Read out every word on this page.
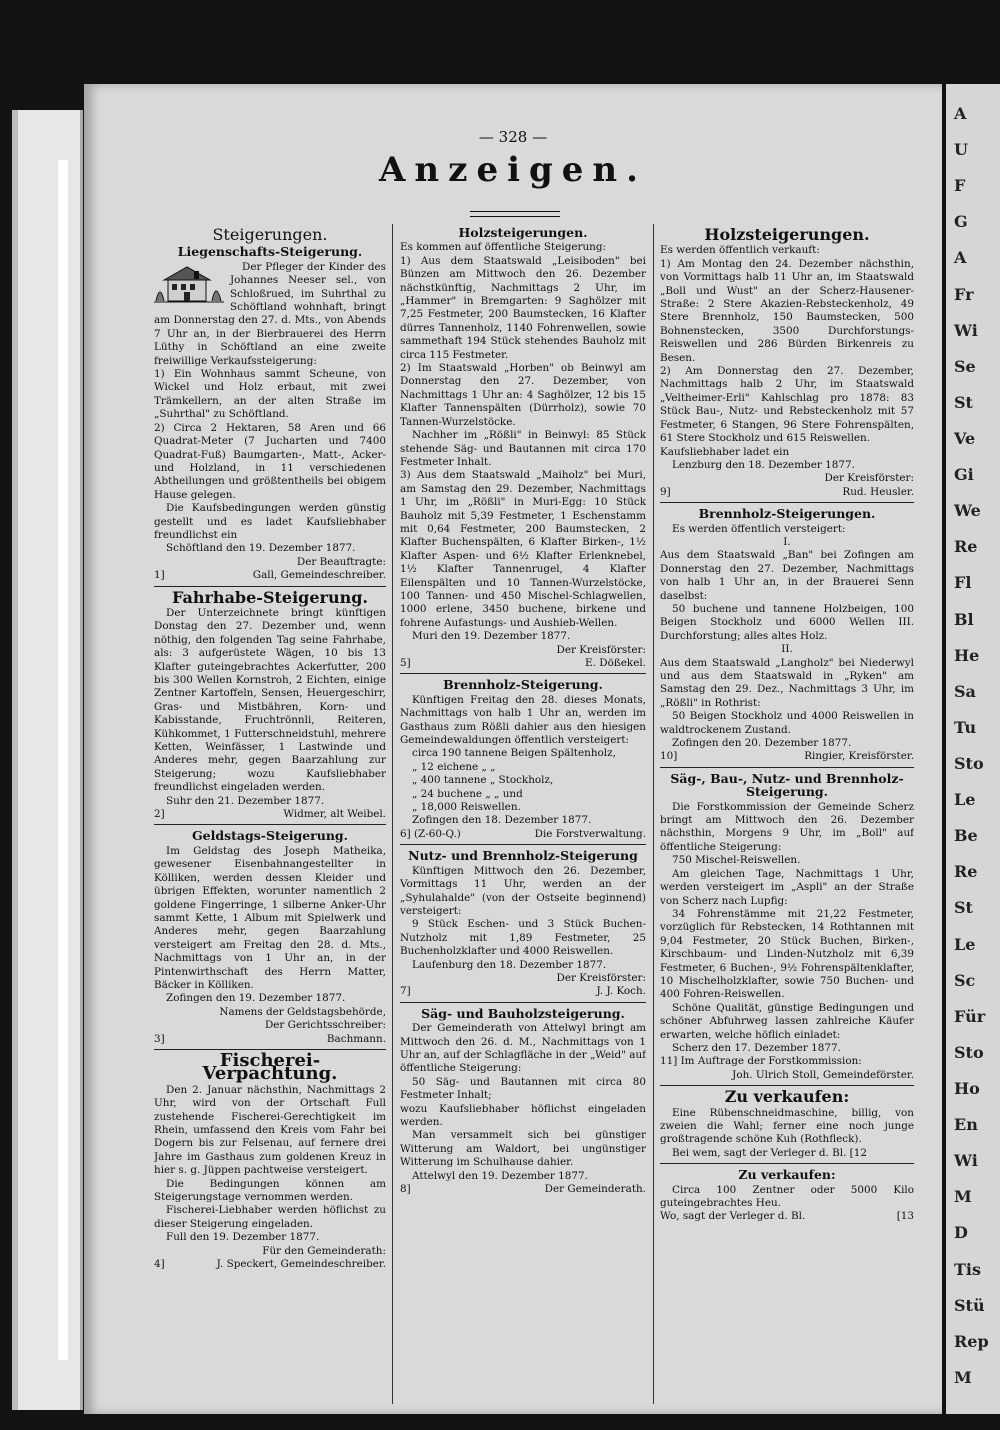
— 328 —
Anzeigen.
Steigerungen.
Liegenschafts-Steigerung.

Der Pfleger der Kinder des Johannes Neeser sel., von Schloßrued, im Suhrthal zu Schöftland wohnhaft, bringt am Donnerstag den 27. d. Mts., von Abends 7 Uhr an, in der Bierbrauerei des Herrn Lüthy in Schöftland an eine zweite freiwillige Verkaufssteigerung:

1) Ein Wohnhaus sammt Scheune, von Wickel und Holz erbaut, mit zwei Trämkellern, an der alten Straße im „Suhrthal" zu Schöftland.

2) Circa 2 Hektaren, 58 Aren und 66 Quadrat-Meter (7 Jucharten und 7400 Quadrat-Fuß) Baumgarten-, Matt-, Acker- und Holzland, in 11 verschiedenen Abtheilungen und größtentheils bei obigem Hause gelegen.

Die Kaufsbedingungen werden günstig gestellt und es ladet Kaufsliebhaber freundlichst ein

Schöftland den 19. Dezember 1877.

Der Beauftragte:

1]	Gall, Gemeindeschreiber.
Fahrhabe-Steigerung.

Der Unterzeichnete bringt künftigen Donstag den 27. Dezember und, wenn nöthig, den folgenden Tag seine Fahrhabe, als: 3 aufgerüstete Wägen, 10 bis 13 Klafter guteingebrachtes Ackerfutter, 200 bis 300 Wellen Kornstroh, 2 Eichten, einige Zentner Kartoffeln, Sensen, Heuergeschirr, Gras- und Mistbähren, Korn- und Kabisstande, Fruchtrönnli, Reiteren, Kühkommet, 1 Futterschneidstuhl, mehrere Ketten, Weinfässer, 1 Lastwinde und Anderes mehr, gegen Baarzahlung zur Steigerung; wozu Kaufsliebhaber freundlichst eingeladen werden.

Suhr den 21. Dezember 1877.

2]	Widmer, alt Weibel.
Geldstags-Steigerung.

Im Geldstag des Joseph Matheika, gewesener Eisenbahnangestellter in Kölliken, werden dessen Kleider und übrigen Effekten, worunter namentlich 2 goldene Fingerringe, 1 silberne Anker-Uhr sammt Kette, 1 Album mit Spielwerk und Anderes mehr, gegen Baarzahlung versteigert am Freitag den 28. d. Mts., Nachmittags von 1 Uhr an, in der Pintenwirthschaft des Herrn Matter, Bäcker in Kölliken.

Zofingen den 19. Dezember 1877.

Namens der Geldstagsbehörde,

Der Gerichtsschreiber:

3]	Bachmann.
Fischerei-Verpachtung.

Den 2. Januar nächsthin, Nachmittags 2 Uhr, wird von der Ortschaft Full zustehende Fischerei-Gerechtigkeit im Rhein, umfassend den Kreis vom Fahr bei Dogern bis zur Felsenau, auf fernere drei Jahre im Gasthaus zum goldenen Kreuz in hier s. g. Jüppen pachtweise versteigert.

Die Bedingungen können am Steigerungstage vernommen werden.

Fischerei-Liebhaber werden höflichst zu dieser Steigerung eingeladen.

Full den 19. Dezember 1877.

Für den Gemeinderath:

4]	J. Speckert, Gemeindeschreiber.
Holzsteigerungen.

Es kommen auf öffentliche Steigerung:

1) Aus dem Staatswald „Leisiboden" bei Bünzen am Mittwoch den 26. Dezember nächstkünftig, Nachmittags 2 Uhr, im „Hammer" in Bremgarten: 9 Saghölzer mit 7,25 Festmeter, 200 Baumstecken, 16 Klafter dürres Tannenholz, 1140 Fohrenwellen, sowie sammethaft 194 Stück stehendes Bauholz mit circa 115 Festmeter.

2) Im Staatswald „Horben" ob Beinwyl am Donnerstag den 27. Dezember, von Nachmittags 1 Uhr an: 4 Saghölzer, 12 bis 15 Klafter Tannenspälten (Dürrholz), sowie 70 Tannen-Wurzelstöcke.

Nachher im „Rößli" in Beinwyl: 85 Stück stehende Säg- und Bautannen mit circa 170 Festmeter Inhalt.

3) Aus dem Staatswald „Maiholz" bei Muri, am Samstag den 29. Dezember, Nachmittags 1 Uhr, im „Rößli" in Muri-Egg: 10 Stück Bauholz mit 5,39 Festmeter, 1 Eschenstamm mit 0,64 Festmeter, 200 Baumstecken, 2 Klafter Buchenspälten, 6 Klafter Birken-, 1½ Klafter Aspen- und 6½ Klafter Erlenknebel, 1½ Klafter Tannenrugel, 4 Klafter Eilenspälten und 10 Tannen-Wurzelstöcke, 100 Tannen- und 450 Mischel-Schlagwellen, 1000 erlene, 3450 buchene, birkene und fohrene Aufastungs- und Aushieb-Wellen.

Muri den 19. Dezember 1877.

Der Kreisförster:

5]	E. Dößekel.
Brennholz-Steigerung.

Künftigen Freitag den 28. dieses Monats, Nachmittags von halb 1 Uhr an, werden im Gasthaus zum Rößli dahier aus den hiesigen Gemeindewaldungen öffentlich versteigert:

circa 190 tannene Beigen Spältenholz,

„ 12 eichene „ „

„ 400 tannene „ Stockholz,

„ 24 buchene „ „ und

„ 18,000 Reiswellen.

Zofingen den 18. Dezember 1877.

6] (Z-60-Q.)	Die Forstverwaltung.
Nutz- und Brennholz-Steigerung

Künftigen Mittwoch den 26. Dezember, Vormittags 11 Uhr, werden an der „Syhulahalde" (von der Ostseite beginnend) versteigert:

9 Stück Eschen- und 3 Stück Buchen-Nutzholz mit 1,89 Festmeter, 25 Buchenholzklafter und 4000 Reiswellen.

Laufenburg den 18. Dezember 1877.

Der Kreisförster:

7]	J. J. Koch.
Säg- und Bauholzsteigerung.

Der Gemeinderath von Attelwyl bringt am Mittwoch den 26. d. M., Nachmittags von 1 Uhr an, auf der Schlagfläche in der „Weid" auf öffentliche Steigerung:

50 Säg- und Bautannen mit circa 80 Festmeter Inhalt;

wozu Kaufsliebhaber höflichst eingeladen werden.

Man versammelt sich bei günstiger Witterung am Waldort, bei ungünstiger Witterung im Schulhause dahier.

Attelwyl den 19. Dezember 1877.

8]	Der Gemeinderath.
Holzsteigerungen.

Es werden öffentlich verkauft:

1) Am Montag den 24. Dezember nächsthin, von Vormittags halb 11 Uhr an, im Staatswald „Boll und Wust" an der Scherz-Hausener-Straße: 2 Stere Akazien-Rebsteckenholz, 49 Stere Brennholz, 150 Baumstecken, 500 Bohnenstecken, 3500 Durchforstungs-Reiswellen und 286 Bürden Birkenreis zu Besen.

2) Am Donnerstag den 27. Dezember, Nachmittags halb 2 Uhr, im Staatswald „Veltheimer-Erli" Kahlschlag pro 1878: 83 Stück Bau-, Nutz- und Rebsteckenholz mit 57 Festmeter, 6 Stangen, 96 Stere Fohrenspälten, 61 Stere Stockholz und 615 Reiswellen.

Kaufsliebhaber ladet ein

Lenzburg den 18. Dezember 1877.

Der Kreisförster:

9]	Rud. Heusler.
Brennholz-Steigerungen.

Es werden öffentlich versteigert:

I.

Aus dem Staatswald „Ban" bei Zofingen am Donnerstag den 27. Dezember, Nachmittags von halb 1 Uhr an, in der Brauerei Senn daselbst:

50 buchene und tannene Holzbeigen, 100 Beigen Stockholz und 6000 Wellen III. Durchforstung; alles altes Holz.

II.

Aus dem Staatswald „Langholz" bei Niederwyl und aus dem Staatswald in „Ryken" am Samstag den 29. Dez., Nachmittags 3 Uhr, im „Rößli" in Rothrist:

50 Beigen Stockholz und 4000 Reiswellen in waldtrockenem Zustand.

Zofingen den 20. Dezember 1877.

10]	Ringier, Kreisförster.
Säg-, Bau-, Nutz- und Brennholz-Steigerung.

Die Forstkommission der Gemeinde Scherz bringt am Mittwoch den 26. Dezember nächsthin, Morgens 9 Uhr, im „Boll" auf öffentliche Steigerung:

750 Mischel-Reiswellen.

Am gleichen Tage, Nachmittags 1 Uhr, werden versteigert im „Aspli" an der Straße von Scherz nach Lupfig:

34 Fohrenstämme mit 21,22 Festmeter, vorzüglich für Rebstecken, 14 Rothtannen mit 9,04 Festmeter, 20 Stück Buchen, Birken-, Kirschbaum- und Linden-Nutzholz mit 6,39 Festmeter, 6 Buchen-, 9½ Fohrenspältenklafter, 10 Mischelholzklafter, sowie 750 Buchen- und 400 Fohren-Reiswellen.

Schöne Qualität, günstige Bedingungen und schöner Abfuhrweg lassen zahlreiche Käufer erwarten, welche höflich einladet:

Scherz den 17. Dezember 1877.

11] Im Auftrage der Forstkommission:

Joh. Ulrich Stoll, Gemeindeförster.

Zu verkaufen:

Eine Rübenschneidmaschine, billig, von zweien die Wahl; ferner eine noch junge großtragende schöne Kuh (Rothfleck).

Bei wem, sagt der Verleger d. Bl. [12

Zu verkaufen:

Circa 100 Zentner oder 5000 Kilo guteingebrachtes Heu.

Wo, sagt der Verleger d. Bl.	[13
A
U
F
G
A
Fr
Wi
Se
St
Ve
Gi
We
Re
Fl
Bl
He
Sa
Tu
Sto
Le
Be
Re
St
Le
Sc
Für
Sto
Ho
En
Wi
M
D
Tis
Stü
Rep
M
